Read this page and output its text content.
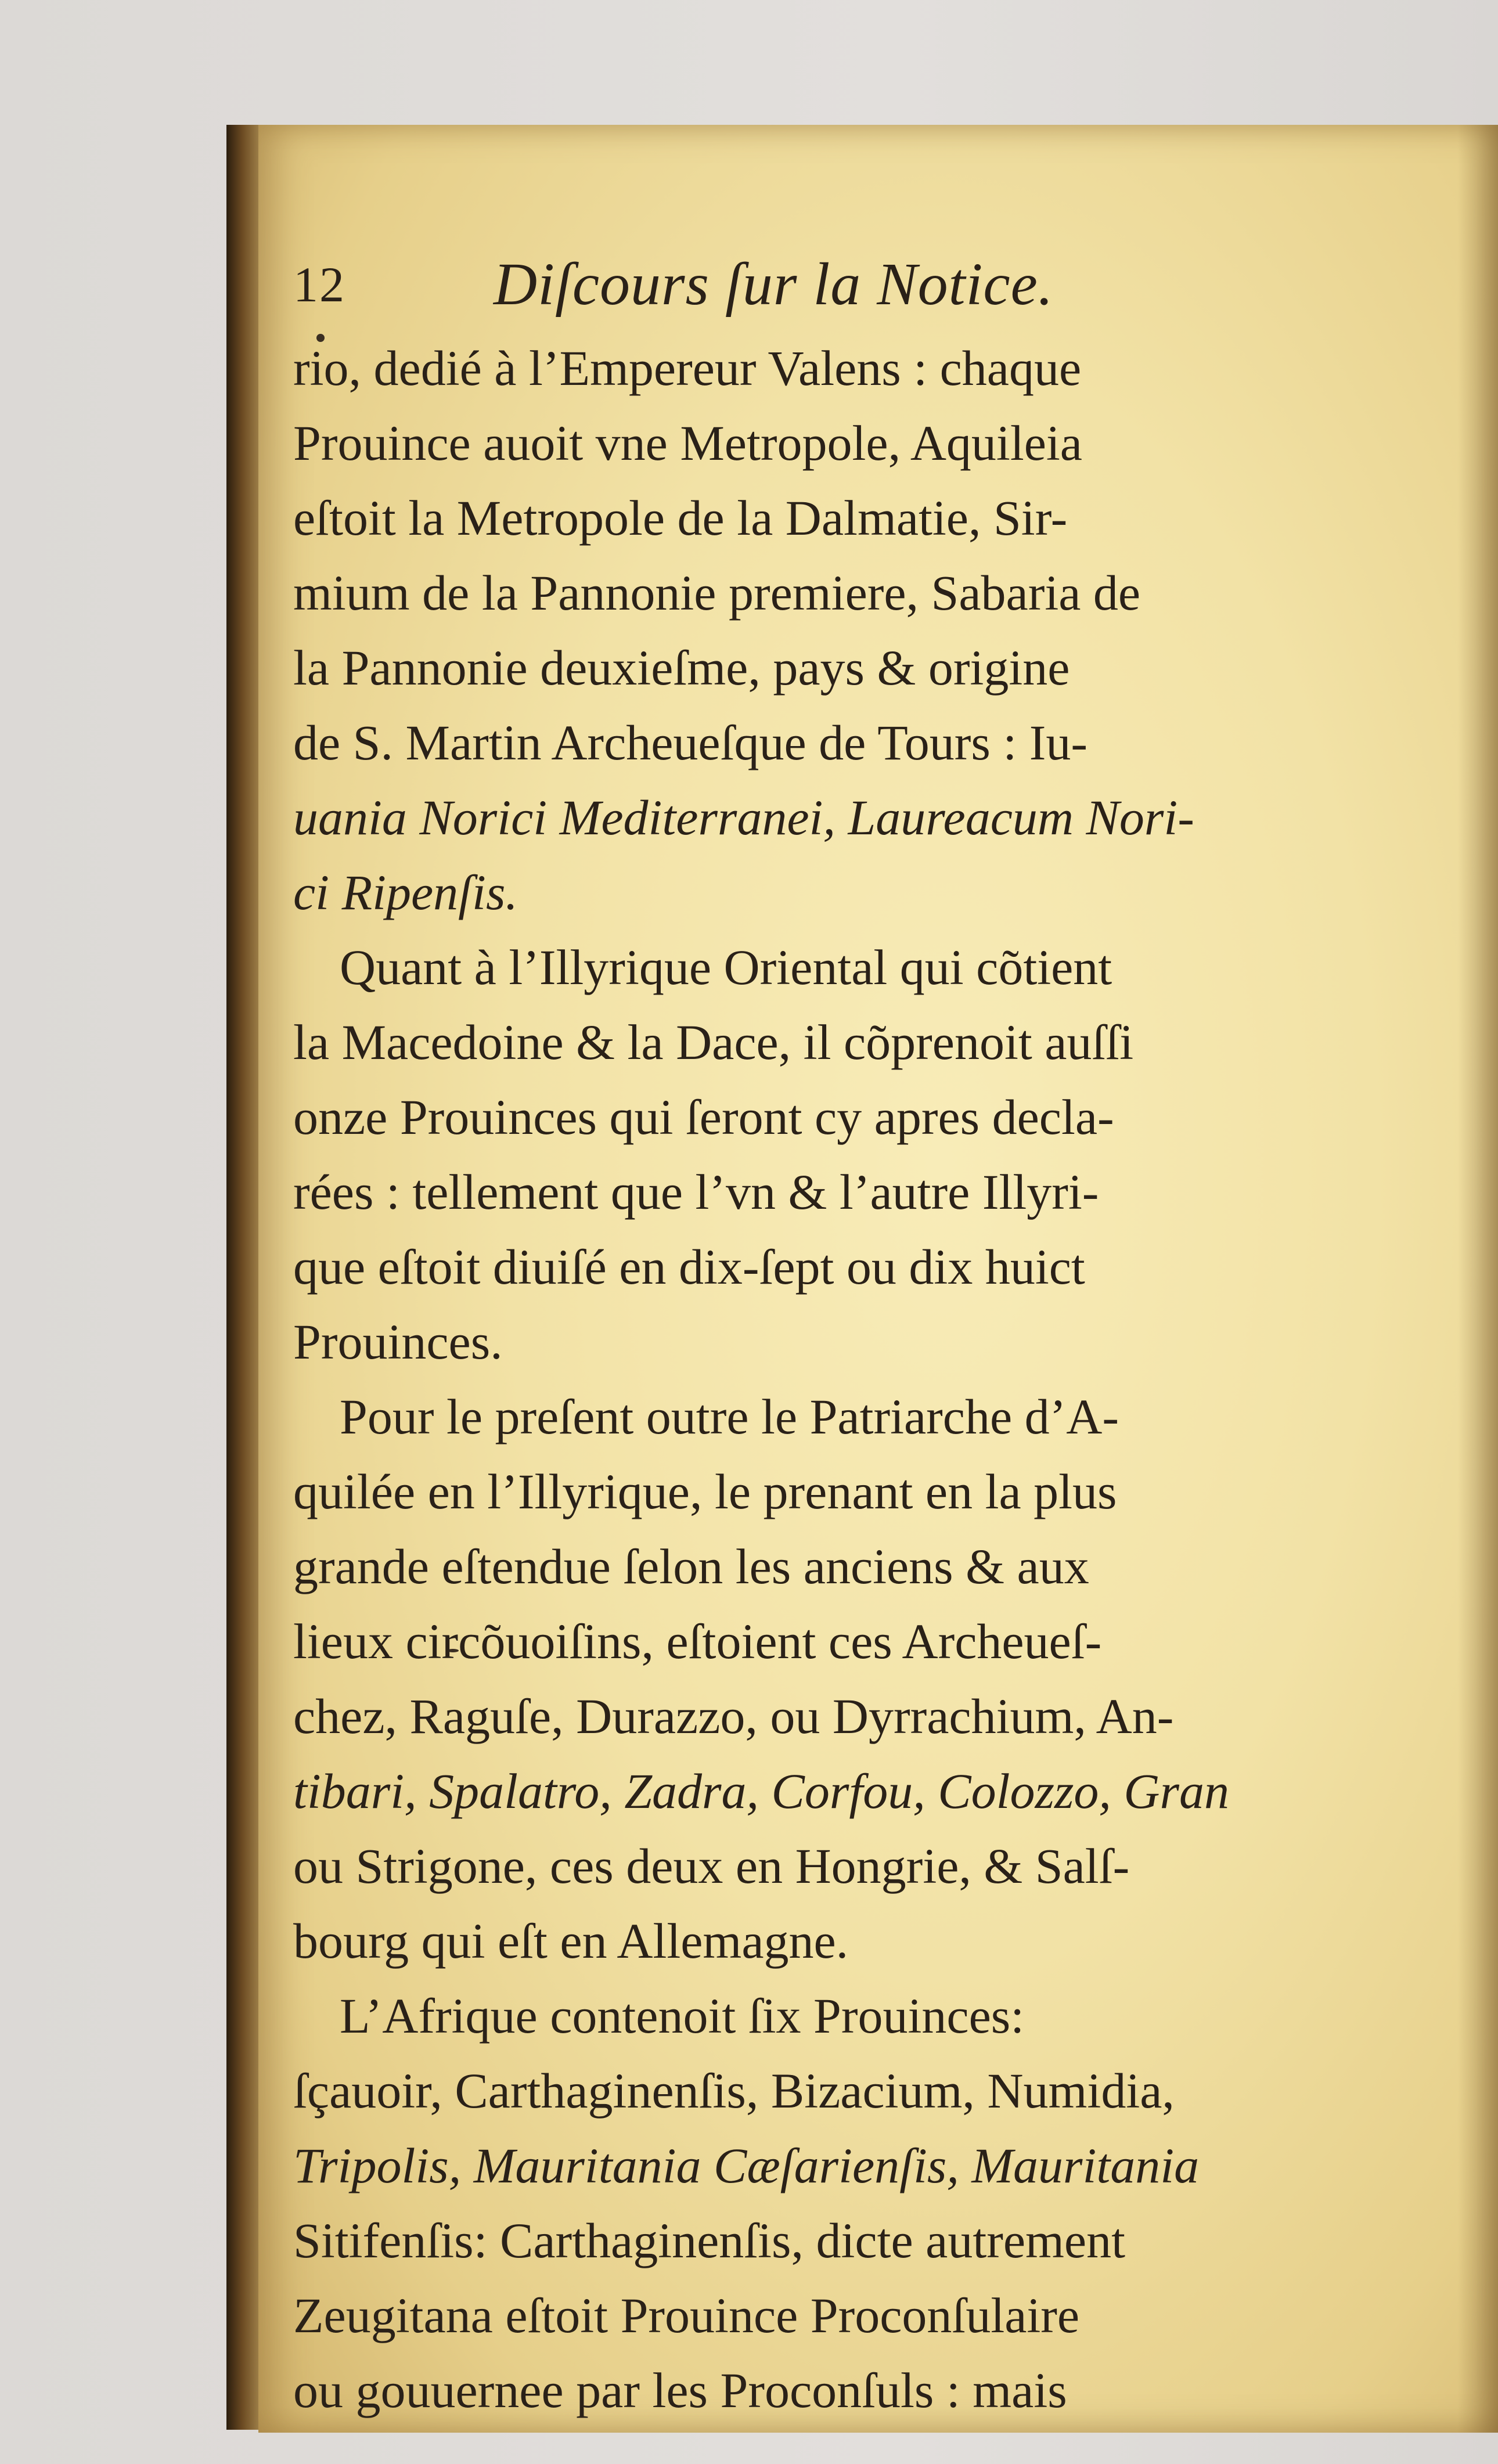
12 Diſcours ſur la Notice.
rio, dedié à l’Empereur Valens : chaque
Prouince auoit vne Metropole, Aquileia
eſtoit la Metropole de la Dalmatie, Sir-
mium de la Pannonie premiere, Sabaria de
la Pannonie deuxieſme, pays & origine
de S. Martin Archeueſque de Tours : Iu-
uania Norici Mediterranei, Laureacum Nori-
ci Ripenſis.
Quant à l’Illyrique Oriental qui cõtient
la Macedoine & la Dace, il cõprenoit auſſi
onze Prouinces qui ſeront cy apres decla-
rées : tellement que l’vn & l’autre Illyri-
que eſtoit diuiſé en dix-ſept ou dix huict
Prouinces.
Pour le preſent outre le Patriarche d’A-
quilée en l’Illyrique, le prenant en la plus
grande eſtendue ſelon les anciens & aux
lieux circõuoiſins, eſtoient ces Archeueſ-
chez, Raguſe, Durazzo, ou Dyrrachium, An-
tibari, Spalatro, Zadra, Corfou, Colozzo, Gran
ou Strigone, ces deux en Hongrie, & Salſ-
bourg qui eſt en Allemagne.
L’Afrique contenoit ſix Prouinces:
ſçauoir, Carthaginenſis, Bizacium, Numidia,
Tripolis, Mauritania Cæſarienſis, Mauritania
Sitifenſis: Carthaginenſis, dicte autrement
Zeugitana eſtoit Prouince Proconſulaire
ou gouuernee par les Proconſuls : mais
